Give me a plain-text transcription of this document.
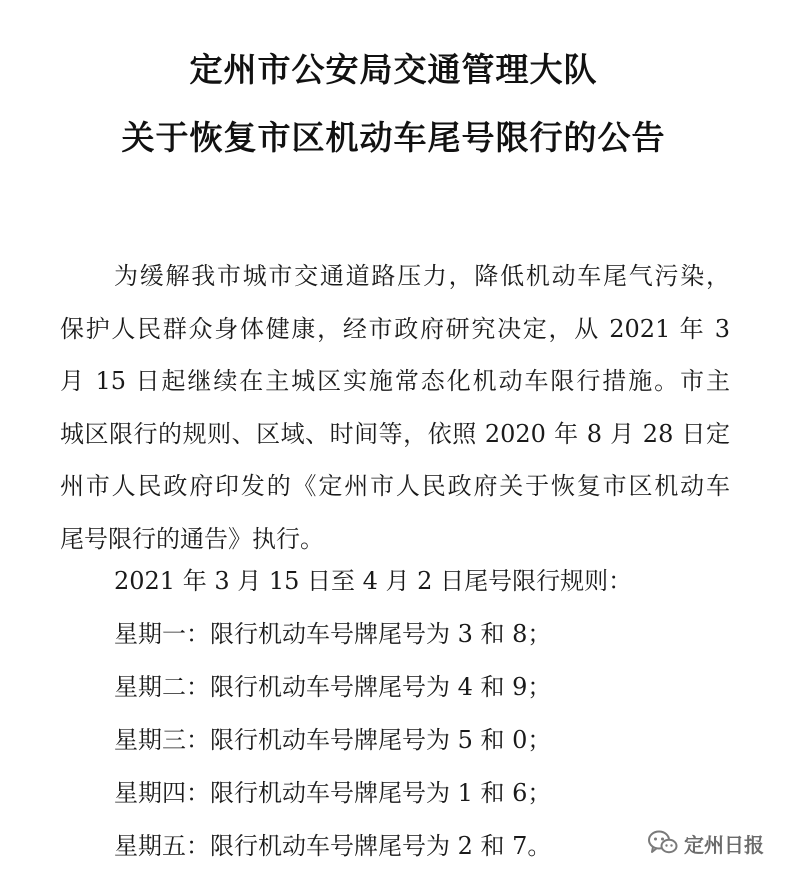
定州市公安局交通管理大队
关于恢复市区机动车尾号限行的公告
为缓解我市城市交通道路压力，降低机动车尾气污染，
保护人民群众身体健康，经市政府研究决定，从 2021 年 3
月 15 日起继续在主城区实施常态化机动车限行措施。市主
城区限行的规则、区域、时间等，依照 2020 年 8 月 28 日定
州市人民政府印发的《定州市人民政府关于恢复市区机动车
尾号限行的通告》执行。
2021 年 3 月 15 日至 4 月 2 日尾号限行规则：
星期一：限行机动车号牌尾号为 3 和 8；
星期二：限行机动车号牌尾号为 4 和 9；
星期三：限行机动车号牌尾号为 5 和 0；
星期四：限行机动车号牌尾号为 1 和 6；
星期五：限行机动车号牌尾号为 2 和 7。	定州日报
